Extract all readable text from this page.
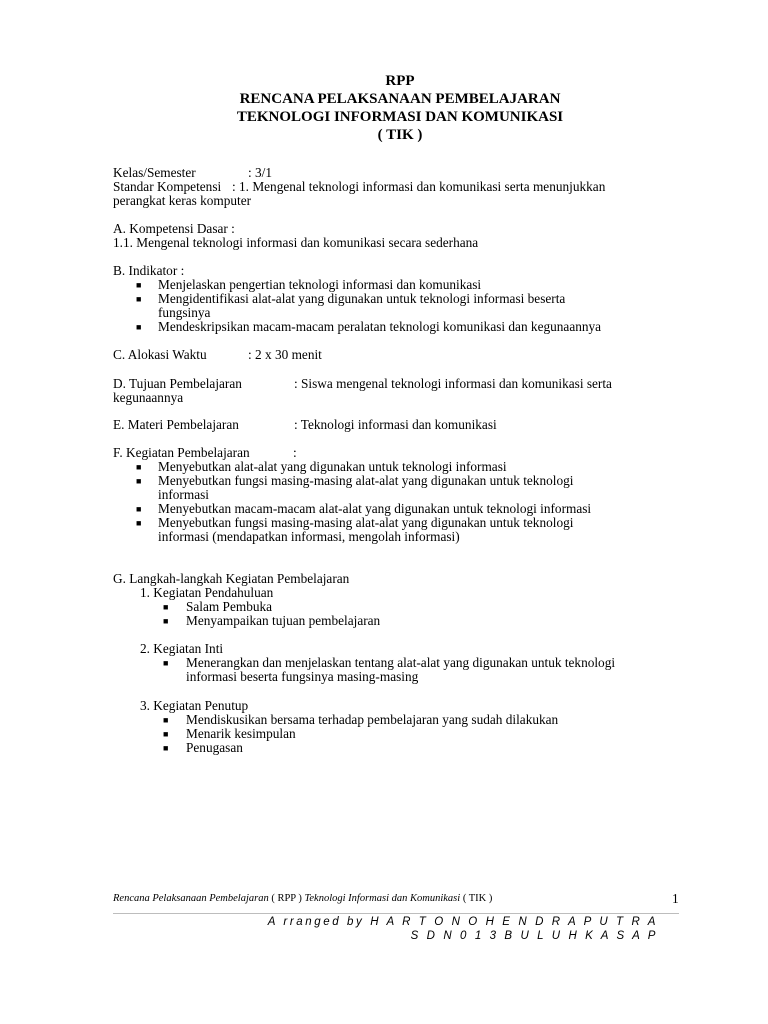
RPP
RENCANA PELAKSANAAN PEMBELAJARAN
TEKNOLOGI INFORMASI DAN KOMUNIKASI
( TIK )
Kelas/Semester	: 3/1
Standar Kompetensi : 1. Mengenal teknologi informasi dan komunikasi serta menunjukkan
perangkat keras komputer
A. Kompetensi Dasar :
1.1. Mengenal teknologi informasi dan komunikasi secara sederhana
B. Indikator :
■ Menjelaskan pengertian teknologi informasi dan komunikasi
■ Mengidentifikasi alat-alat yang digunakan untuk teknologi informasi beserta
fungsinya
■ Mendeskripsikan macam-macam peralatan teknologi komunikasi dan kegunaannya
C. Alokasi Waktu	: 2 x 30 menit
D. Tujuan Pembelajaran	: Siswa mengenal teknologi informasi dan komunikasi serta
kegunaannya
E. Materi Pembelajaran	: Teknologi informasi dan komunikasi
F. Kegiatan Pembelajaran	:
■ Menyebutkan alat-alat yang digunakan untuk teknologi informasi
■ Menyebutkan fungsi masing-masing alat-alat yang digunakan untuk teknologi
informasi
■ Menyebutkan macam-macam alat-alat yang digunakan untuk teknologi informasi
■ Menyebutkan fungsi masing-masing alat-alat yang digunakan untuk teknologi
informasi (mendapatkan informasi, mengolah informasi)
G. Langkah-langkah Kegiatan Pembelajaran
1. Kegiatan Pendahuluan
■ Salam Pembuka
■ Menyampaikan tujuan pembelajaran
2. Kegiatan Inti
■ Menerangkan dan menjelaskan tentang alat-alat yang digunakan untuk teknologi
informasi beserta fungsinya masing-masing
3. Kegiatan Penutup
■ Mendiskusikan bersama terhadap pembelajaran yang sudah dilakukan
■ Menarik kesimpulan
■ Penugasan
Rencana Pelaksanaan Pembelajaran ( RPP ) Teknologi Informasi dan Komunikasi ( TIK )	1
A rranged by H A R T O N O H E N D R A P U T R A
S D N 0 1 3 B U L U H K A S A P
